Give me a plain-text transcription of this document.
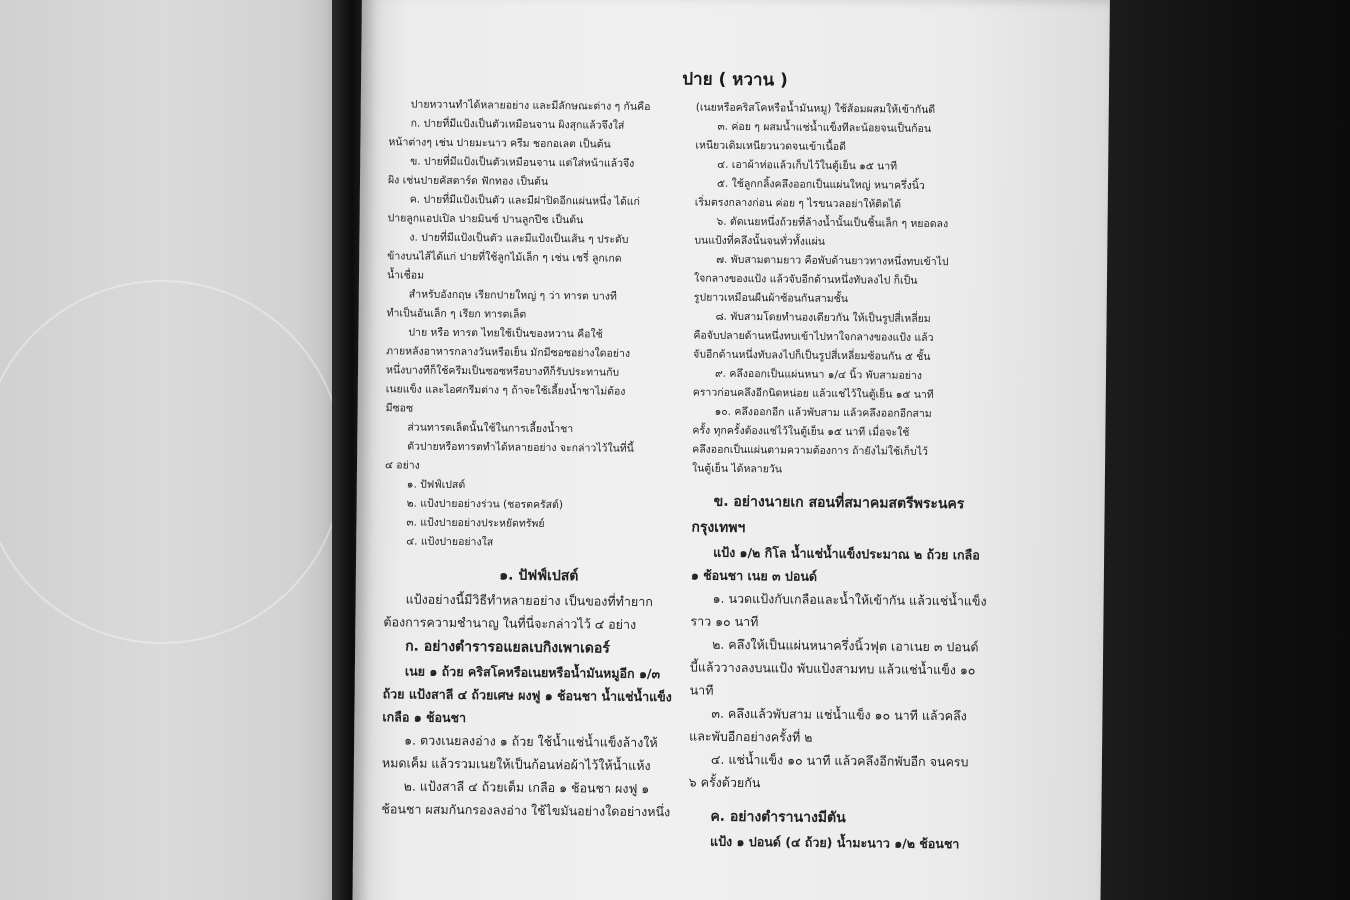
ปาย ( หวาน )
ปายหวานทำได้หลายอย่าง และมีลักษณะต่าง ๆ กันคือ
ก. ปายที่มีแป้งเป็นตัวเหมือนจาน ผิงสุกแล้วจึงใส่
หน้าต่างๆ เช่น ปายมะนาว ครีม ชอกอเลต เป็นต้น
ข. ปายที่มีแป้งเป็นตัวเหมือนจาน แต่ใส่หน้าแล้วจึง
ผิง เช่นปายคัสตาร์ด ฟักทอง เป็นต้น
ค. ปายที่มีแป้งเป็นตัว และมีฝาปิดอีกแผ่นหนึ่ง ได้แก่
ปายลูกแอปเปิล ปายมินซ์ ปานลูกปีช เป็นต้น
ง. ปายที่มีแป้งเป็นตัว และมีแป้งเป็นเส้น ๆ ประดับ
ข้างบนไส้ได้แก่ ปายที่ใช้ลูกไม้เล็ก ๆ เช่น เชรี่ ลูกเกด
น้ำเชื่อม
สำหรับอังกฤษ เรียกปายใหญ่ ๆ ว่า ทารต บางที
ทำเป็นอันเล็ก ๆ เรียก ทารตเล็ต
ปาย หรือ ทารต ไทยใช้เป็นของหวาน คือใช้
ภายหลังอาหารกลางวันหรือเย็น มักมีซอซอย่างใดอย่าง
หนึ่งบางทีก็ใช้ครีมเป็นซอซหรือบางทีก็รับประทานกับ
เนยแข็ง และไอศกรีมต่าง ๆ ถ้าจะใช้เลี้ยงน้ำชาไม่ต้อง
มีซอซ
ส่วนทารตเล็ตนั้นใช้ในการเลี้ยงน้ำชา
ตัวปายหรือทารตทำได้หลายอย่าง จะกล่าวไว้ในที่นี้
๔ อย่าง
๑. ปัฟฟ์เปสต์
๒. แป้งปายอย่างร่วน (ชอรตครัสต์)
๓. แป้งปายอย่างประหยัดทรัพย์
๔. แป้งปายอย่างใส
๑. ปัฟฟ์เปสต์
แป้งอย่างนี้มีวิธีทำหลายอย่าง เป็นของที่ทำยาก
ต้องการความชำนาญ ในที่นี่จะกล่าวไว้ ๔ อย่าง
ก. อย่างตำรารอแยลเบกิงเพาเดอร์
เนย ๑ ถ้วย คริสโคหรือเนยหรือน้ำมันหมูอีก ๑/๓
ถ้วย แป้งสาลี ๔ ถ้วยเศษ ผงฟู ๑ ช้อนชา น้ำแช่น้ำแข็ง
เกลือ ๑ ช้อนชา
๑. ตวงเนยลงอ่าง ๑ ถ้วย ใช้น้ำแช่น้ำแข็งล้างให้
หมดเค็ม แล้วรวมเนยให้เป็นก้อนห่อผ้าไว้ให้น้ำแห้ง
๒. แป้งสาลี ๔ ถ้วยเต็ม เกลือ ๑ ช้อนชา ผงฟู ๑
ช้อนชา ผสมกันกรองลงอ่าง ใช้ไขมันอย่างใดอย่างหนึ่ง
(เนยหรือคริสโคหรือน้ำมันหมู) ใช้ส้อมผสมให้เข้ากันดี
๓. ค่อย ๆ ผสมน้ำแช่น้ำแข็งทีละน้อยจนเป็นก้อน
เหนียวเดิมเหนียวนวดจนเข้าเนื้อดี
๔. เอาผ้าห่อแล้วเก็บไว้ในตู้เย็น ๑๕ นาที
๕. ใช้ลูกกลิ้งคลึงออกเป็นแผ่นใหญ่ หนาครึ่งนิ้ว
เริ่มตรงกลางก่อน ค่อย ๆ ไรขนวลอย่าให้ติดได้
๖. ตัดเนยหนึ่งถ้วยที่ล้างน้ำนั้นเป็นชิ้นเล็ก ๆ หยอดลง
บนแป้งที่คลึงนั้นจนทั่วทั้งแผ่น
๗. พับสามตามยาว คือพับด้านยาวทางหนึ่งทบเข้าไป
ใจกลางของแป้ง แล้วจับอีกด้านหนึ่งทับลงไป ก็เป็น
รูปยาวเหมือนผืนผ้าซ้อนกันสามชั้น
๘. พับสามโดยทำนองเดียวกัน ให้เป็นรูปสี่เหลี่ยม
คือจับปลายด้านหนึ่งทบเข้าไปหาใจกลางของแป้ง แล้ว
จับอีกด้านหนึ่งทับลงไปก็เป็นรูปสี่เหลี่ยมซ้อนกัน ๕ ชั้น
๙. คลึงออกเป็นแผ่นหนา ๑/๔ นิ้ว พับสามอย่าง
คราวก่อนคลึงอีกนิดหน่อย แล้วแช่ไว้ในตู้เย็น ๑๕ นาที
๑๐. คลึงออกอีก แล้วพับสาม แล้วคลึงออกอีกสาม
ครั้ง ทุกครั้งต้องแช่ไว้ในตู้เย็น ๑๕ นาที เมื่อจะใช้
คลึงออกเป็นแผ่นตามความต้องการ ถ้ายังไม่ใช้เก็บไว้
ในตู้เย็น ได้หลายวัน
ข. อย่างนายเก สอนที่สมาคมสตรีพระนคร
กรุงเทพฯ
แป้ง ๑/๒ กิโล น้ำแช่น้ำแข็งประมาณ ๒ ถ้วย เกลือ
๑ ช้อนชา เนย ๓ ปอนด์
๑. นวดแป้งกับเกลือและน้ำให้เข้ากัน แล้วแช่น้ำแข็ง
ราว ๑๐ นาที
๒. คลึงให้เป็นแผ่นหนาครึ่งนิ้วฟุต เอาเนย ๓ ปอนด์
บี้แล้ววางลงบนแป้ง พับแป้งสามทบ แล้วแช่น้ำแข็ง ๑๐
นาที
๓. คลึงแล้วพับสาม แช่น้ำแข็ง ๑๐ นาที แล้วคลึง
และพับอีกอย่างครั้งที่ ๒
๔. แช่น้ำแข็ง ๑๐ นาที แล้วคลึงอีกพับอีก จนครบ
๖ ครั้งด้วยกัน
ค. อย่างตำรานางมีตัน
แป้ง ๑ ปอนด์ (๔ ถ้วย) น้ำมะนาว ๑/๒ ช้อนชา
